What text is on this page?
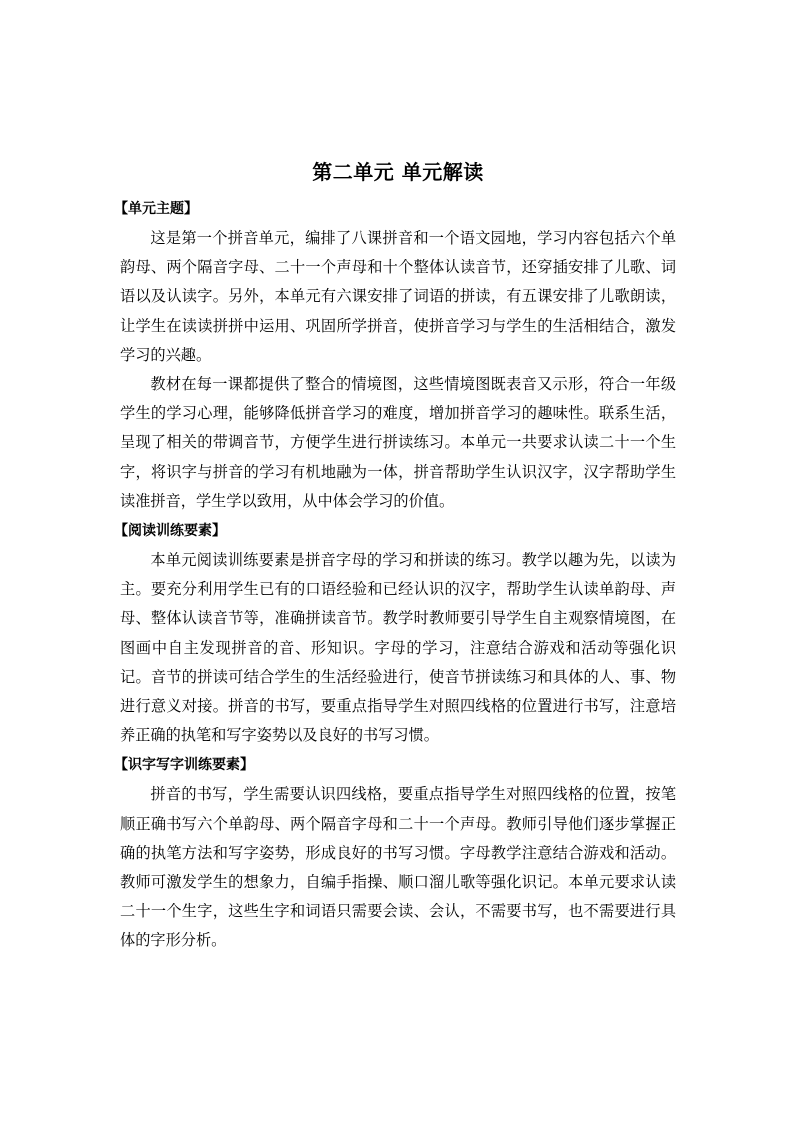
第二单元 单元解读
【单元主题】

这是第一个拼音单元，编排了八课拼音和一个语文园地，学习内容包括六个单韵母、两个隔音字母、二十一个声母和十个整体认读音节，还穿插安排了儿歌、词语以及认读字。另外，本单元有六课安排了词语的拼读，有五课安排了儿歌朗读，让学生在读读拼拼中运用、巩固所学拼音，使拼音学习与学生的生活相结合，激发学习的兴趣。

教材在每一课都提供了整合的情境图，这些情境图既表音又示形，符合一年级学生的学习心理，能够降低拼音学习的难度，增加拼音学习的趣味性。联系生活，呈现了相关的带调音节，方便学生进行拼读练习。本单元一共要求认读二十一个生字，将识字与拼音的学习有机地融为一体，拼音帮助学生认识汉字，汉字帮助学生读准拼音，学生学以致用，从中体会学习的价值。

【阅读训练要素】

本单元阅读训练要素是拼音字母的学习和拼读的练习。教学以趣为先，以读为主。要充分利用学生已有的口语经验和已经认识的汉字，帮助学生认读单韵母、声母、整体认读音节等，准确拼读音节。教学时教师要引导学生自主观察情境图，在图画中自主发现拼音的音、形知识。字母的学习，注意结合游戏和活动等强化识记。音节的拼读可结合学生的生活经验进行，使音节拼读练习和具体的人、事、物进行意义对接。拼音的书写，要重点指导学生对照四线格的位置进行书写，注意培养正确的执笔和写字姿势以及良好的书写习惯。

【识字写字训练要素】

拼音的书写，学生需要认识四线格，要重点指导学生对照四线格的位置，按笔顺正确书写六个单韵母、两个隔音字母和二十一个声母。教师引导他们逐步掌握正确的执笔方法和写字姿势，形成良好的书写习惯。字母教学注意结合游戏和活动。教师可激发学生的想象力，自编手指操、顺口溜儿歌等强化识记。本单元要求认读二十一个生字，这些生字和词语只需要会读、会认，不需要书写，也不需要进行具体的字形分析。
